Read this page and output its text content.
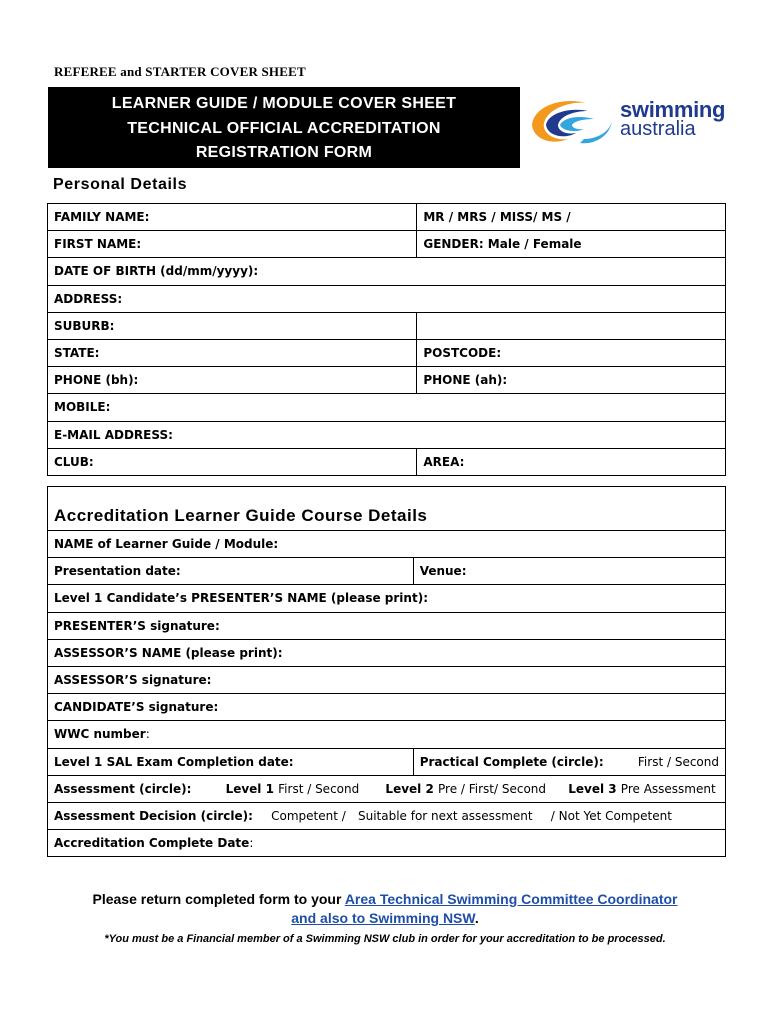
REFEREE and STARTER COVER SHEET
LEARNER GUIDE / MODULE COVER SHEET
TECHNICAL OFFICIAL ACCREDITATION
REGISTRATION FORM
swimming
australia
Personal Details
FAMILY NAME:	MR / MRS / MISS/ MS /
FIRST NAME:	GENDER: Male / Female
DATE OF BIRTH (dd/mm/yyyy):	
ADDRESS:	
SUBURB:	
STATE:	POSTCODE:
PHONE (bh):	PHONE (ah):
MOBILE:	
E-MAIL ADDRESS:	
CLUB:	AREA:
Accreditation Learner Guide Course Details	
NAME of Learner Guide / Module:	
Presentation date:	Venue:
Level 1 Candidate’s PRESENTER’S NAME (please print):	
PRESENTER’S signature:	
ASSESSOR’S NAME (please print):	
ASSESSOR’S signature:	
CANDIDATE’S signature:	
WWC number:	
Level 1 SAL Exam Completion date:	Practical Complete (circle): First / Second
Assessment (circle): Level 1 First / Second Level 2 Pre / First/ Second Level 3 Pre Assessment	
Assessment Decision (circle): Competent / Suitable for next assessment / Not Yet Competent	
Accreditation Complete Date:	
Please return completed form to your Area Technical Swimming Committee Coordinator
and also to Swimming NSW.
*You must be a Financial member of a Swimming NSW club in order for your accreditation to be processed.
